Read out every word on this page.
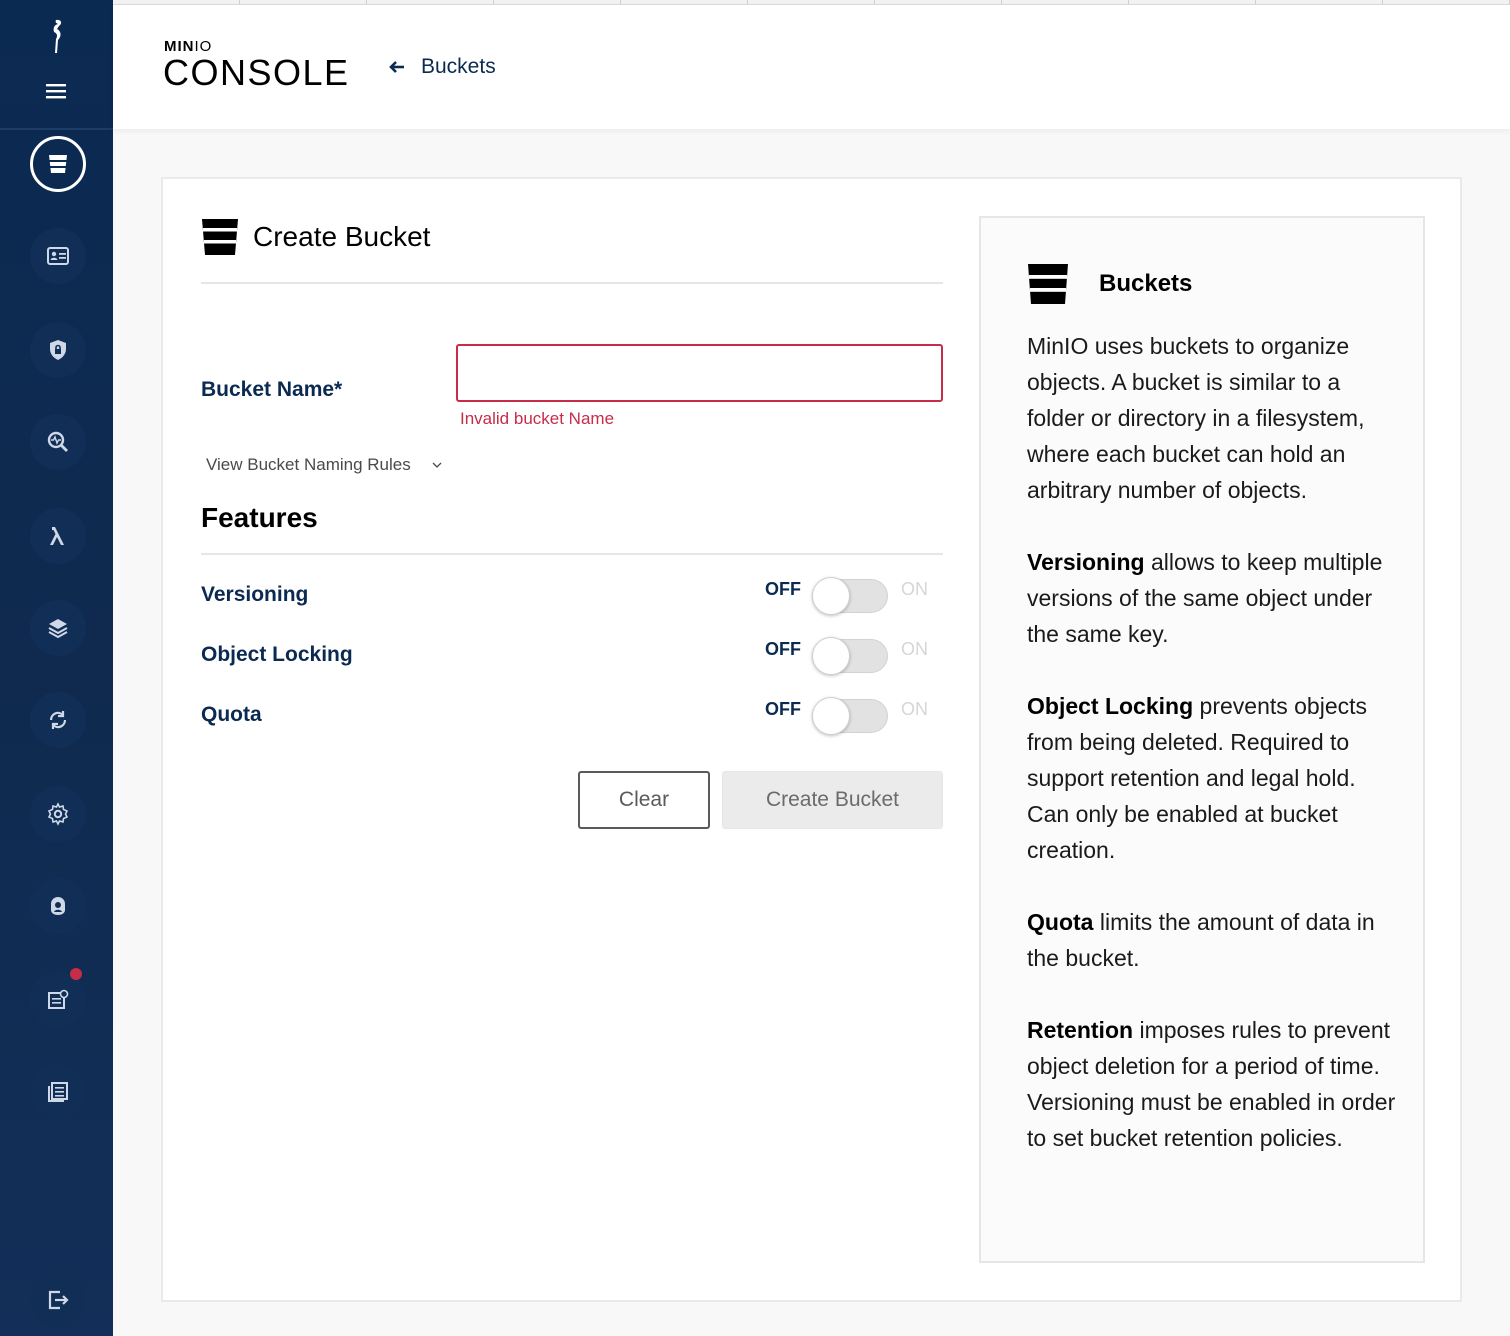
MINIO
CONSOLE	Buckets
Create Bucket
Bucket Name*
Invalid bucket Name
View Bucket Naming Rules
Features
Versioning	OFF	ON
Object Locking	OFF	ON
Quota	OFF	ON
Clear	Create Bucket
Buckets

MinIO uses buckets to organize objects. A bucket is similar to a folder or directory in a filesystem, where each bucket can hold an arbitrary number of objects.

Versioning allows to keep multiple versions of the same object under the same key.

Object Locking prevents objects from being deleted. Required to support retention and legal hold. Can only be enabled at bucket creation.

Quota limits the amount of data in the bucket.

Retention imposes rules to prevent object deletion for a period of time. Versioning must be enabled in order to set bucket retention policies.
